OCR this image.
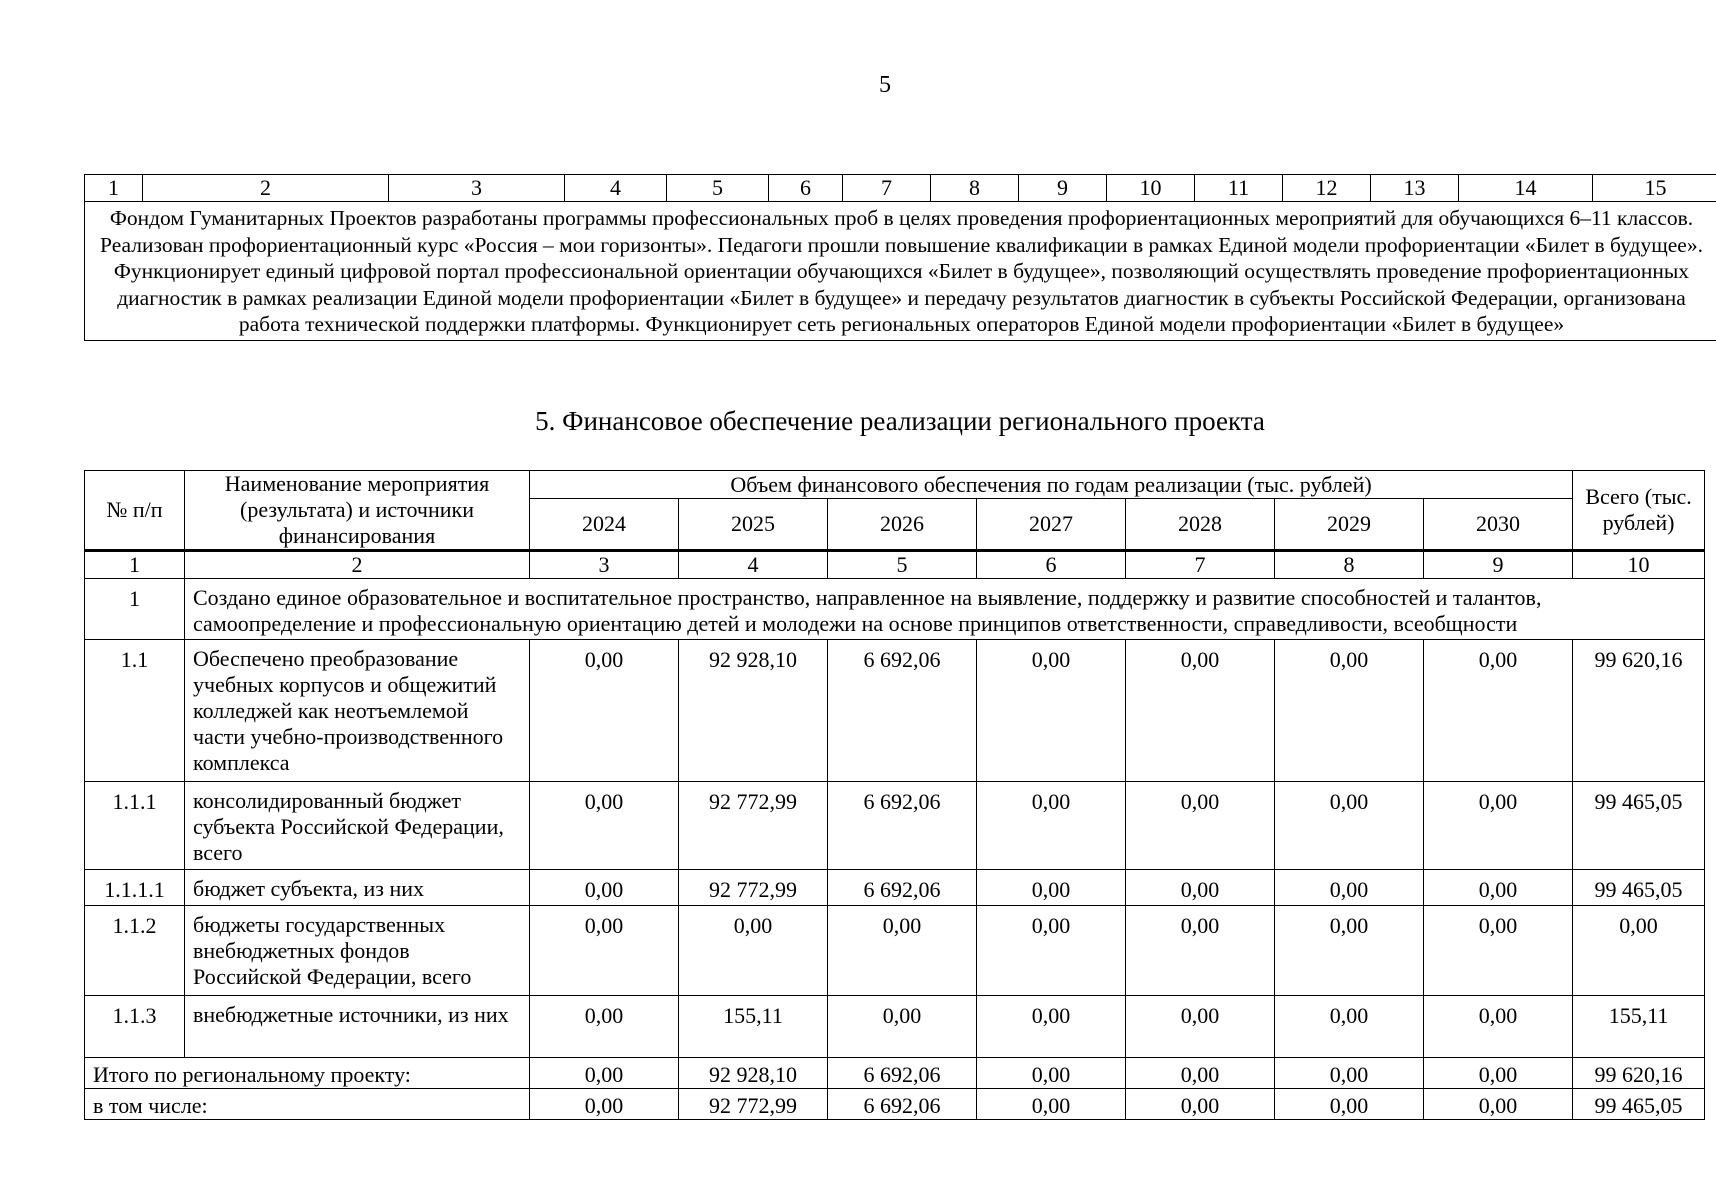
5
1	2	3	4	5	6	7	8	9	10	11	12	13	14	15
Фондом Гуманитарных Проектов разработаны программы профессиональных проб в целях проведения профориентационных мероприятий для обучающихся 6–11 классов. Реализован профориентационный курс «Россия – мои горизонты». Педагоги прошли повышение квалификации в рамках Единой модели профориентации «Билет в будущее». Функционирует единый цифровой портал профессиональной ориентации обучающихся «Билет в будущее», позволяющий осуществлять проведение профориентационных диагностик в рамках реализации Единой модели профориентации «Билет в будущее» и передачу результатов диагностик в субъекты Российской Федерации, организована работа технической поддержки платформы. Функционирует сеть региональных операторов Единой модели профориентации «Билет в будущее»
5. Финансовое обеспечение реализации регионального проекта
№ п/п	Наименование мероприятия (результата) и источники финансирования	Объем финансового обеспечения по годам реализации (тыс. рублей)							Всего (тыс. рублей)
		2024	2025	2026	2027	2028	2029	2030	
1	2	3	4	5	6	7	8	9	10
1	Создано единое образовательное и воспитательное пространство, направленное на выявление, поддержку и развитие способностей и талантов, самоопределение и профессиональную ориентацию детей и молодежи на основе принципов ответственности, справедливости, всеобщности								
1.1	Обеспечено преобразование учебных корпусов и общежитий колледжей как неотъемлемой части учебно-производственного комплекса	0,00	92 928,10	6 692,06	0,00	0,00	0,00	0,00	99 620,16
1.1.1	консолидированный бюджет субъекта Российской Федерации, всего	0,00	92 772,99	6 692,06	0,00	0,00	0,00	0,00	99 465,05
1.1.1.1	бюджет субъекта, из них	0,00	92 772,99	6 692,06	0,00	0,00	0,00	0,00	99 465,05
1.1.2	бюджеты государственных внебюджетных фондов Российской Федерации, всего	0,00	0,00	0,00	0,00	0,00	0,00	0,00	0,00
1.1.3	внебюджетные источники, из них	0,00	155,11	0,00	0,00	0,00	0,00	0,00	155,11
Итого по региональному проекту:		0,00	92 928,10	6 692,06	0,00	0,00	0,00	0,00	99 620,16
в том числе:		0,00	92 772,99	6 692,06	0,00	0,00	0,00	0,00	99 465,05
